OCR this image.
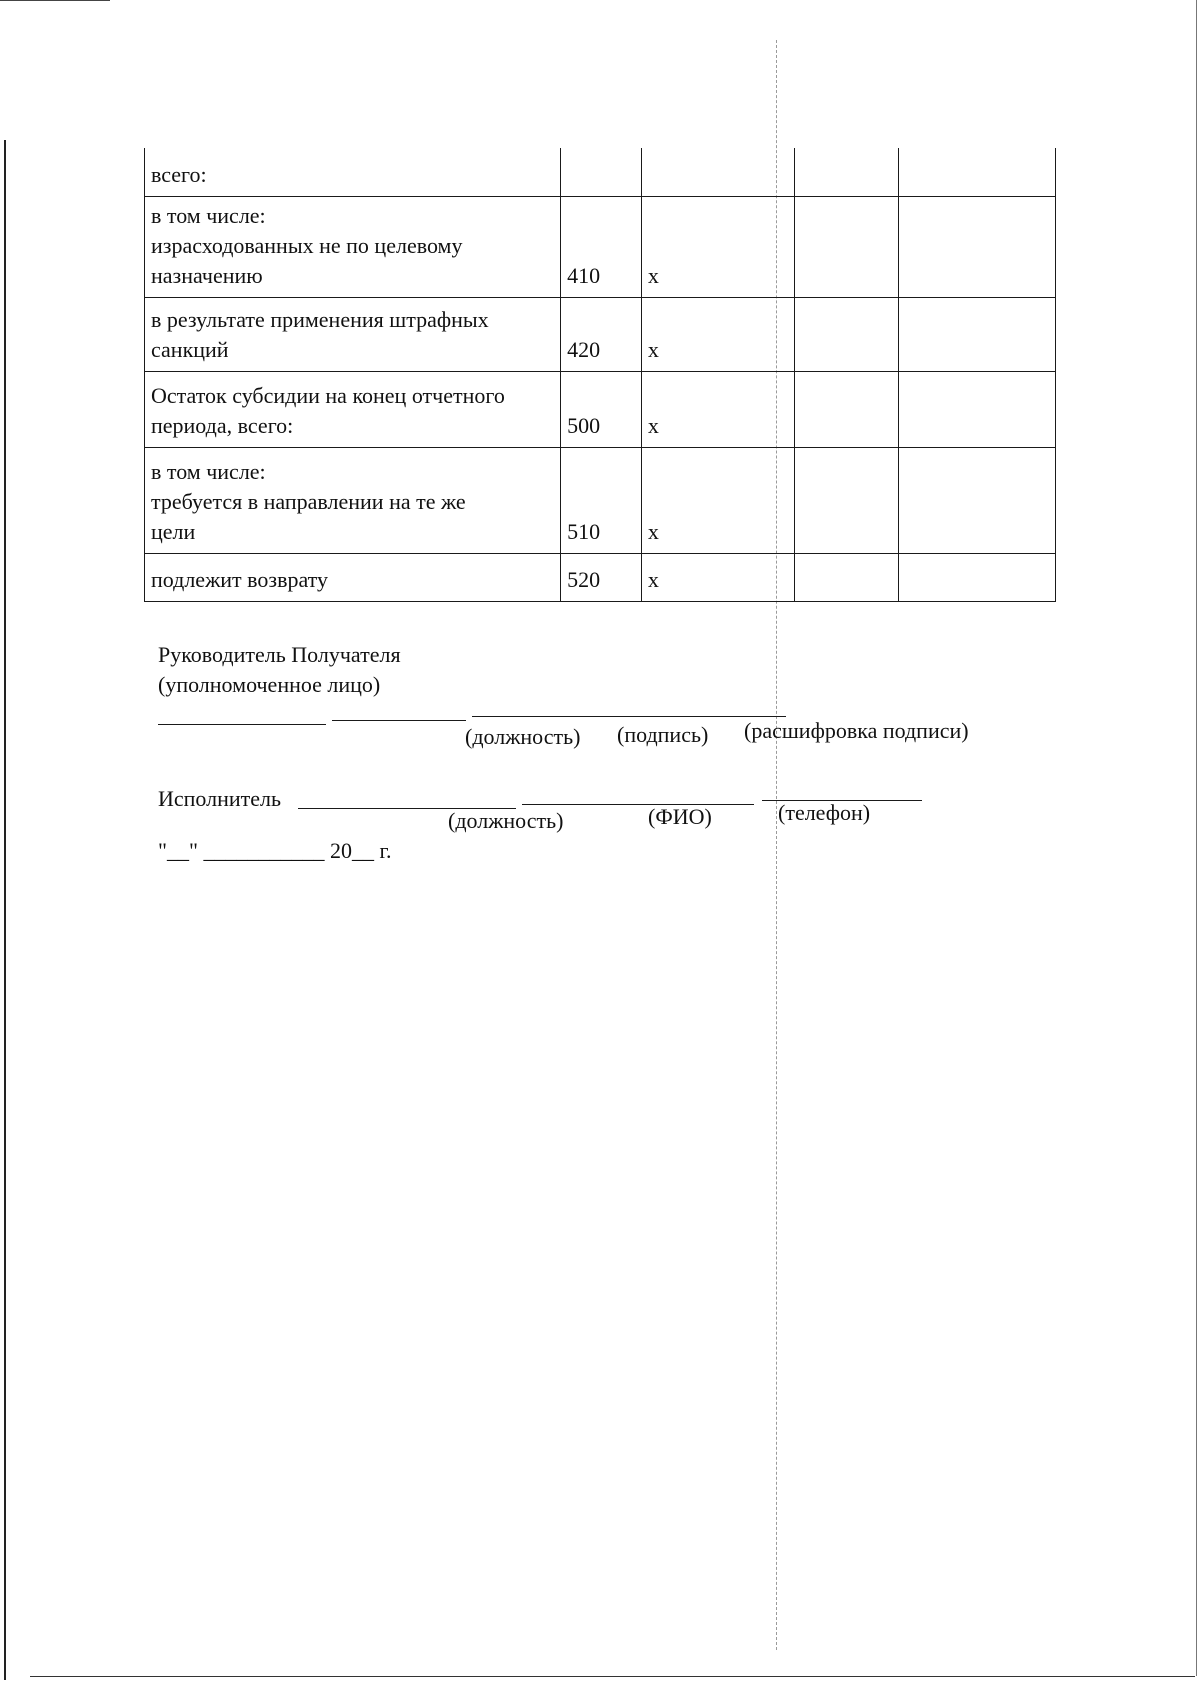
всего:				
в том числе:
израсходованных не по целевому
назначению	410	x		
в результате применения штрафных
санкций	420	x		
Остаток субсидии на конец отчетного
периода, всего:	500	x		
в том числе:
требуется в направлении на те же
цели	510	x		
подлежит возврату	520	x		
Руководитель Получателя
(уполномоченное лицо)
(должность) (подпись) (расшифровка подписи)
Исполнитель
(должность)	(ФИО)	(телефон)
"__" ___________ 20__ г.
